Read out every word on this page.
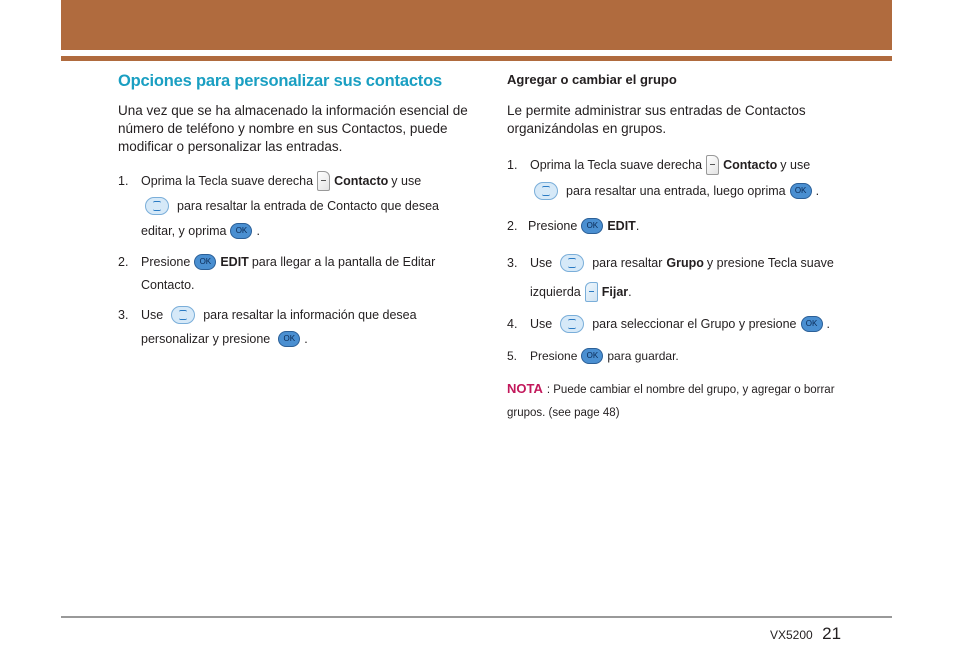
Opciones para personalizar sus contactos
Una vez que se ha almacenado la información esencial de número de teléfono y nombre en sus Contactos, puede modificar o personalizar las entradas.
1.	Oprima la Tecla suave derecha Contacto y use
para resaltar la entrada de Contacto que desea
editar, y oprima	OK .
2.	Presione	OK EDIT para llegar a la pantalla de Editar
Contacto.
3.	Use	para resaltar la información que desea
personalizar y presione	OK .
Agregar o cambiar el grupo
Le permite administrar sus entradas de Contactos organizándolas en grupos.
1.	Oprima la Tecla suave derecha Contacto y use
para resaltar una entrada, luego oprima	OK .
2. Presione	OK EDIT .
3.	Use	para resaltar Grupo y presione Tecla suave
izquierda Fijar .
4.	Use	para seleccionar el Grupo y presione	OK .
5.	Presione	OK para guardar.
NOTA : Puede cambiar el nombre del grupo, y agregar o borrar
grupos. (see page 48)
VX5200 21
